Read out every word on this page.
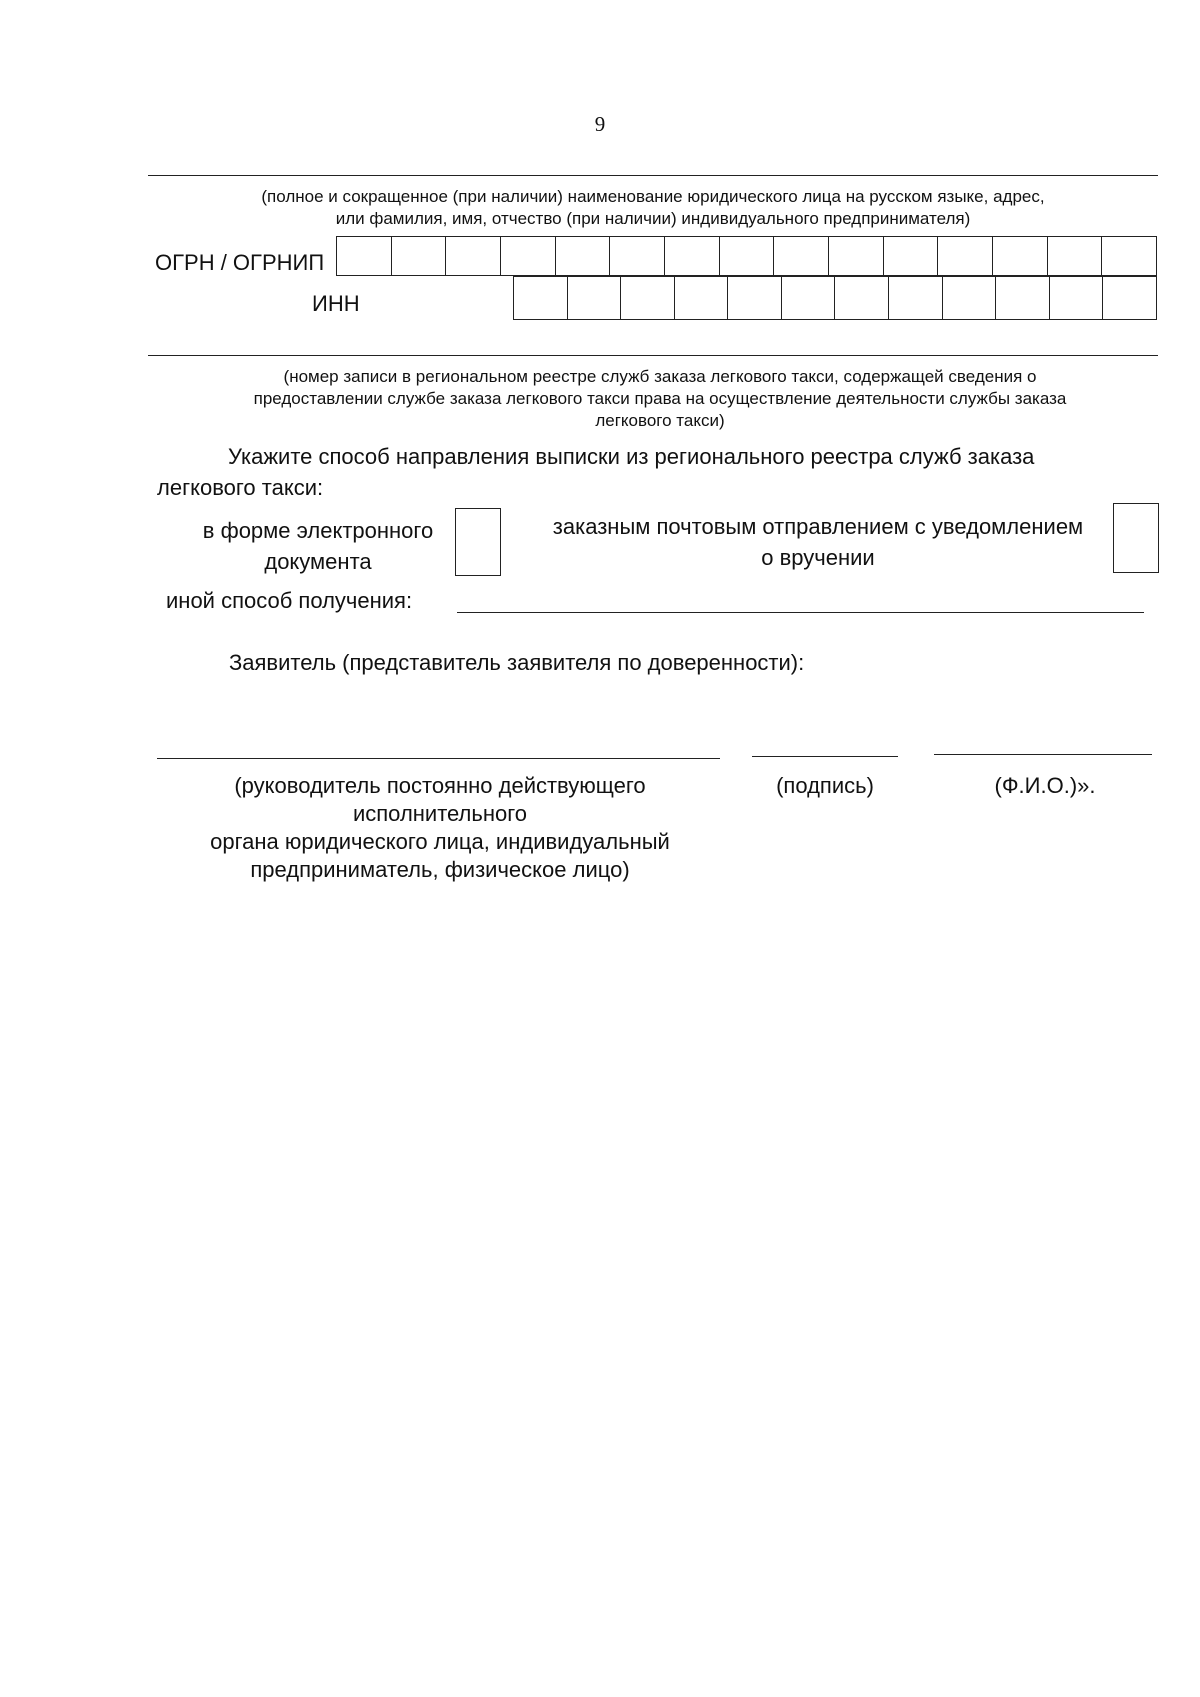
9
(полное и сокращенное (при наличии) наименование юридического лица на русском языке, адрес,
или фамилия, имя, отчество (при наличии) индивидуального предпринимателя)
ОГРН / ОГРНИП
ИНН
(номер записи в региональном реестре служб заказа легкового такси, содержащей сведения о
предоставлении службе заказа легкового такси права на осуществление деятельности службы заказа
легкового такси)
Укажите способ направления выписки из регионального реестра служб заказа
легкового такси:
в форме электронного
документа
заказным почтовым отправлением с уведомлением
о вручении
иной способ получения:
Заявитель (представитель заявителя по доверенности):
(руководитель постоянно действующего
исполнительного
органа юридического лица, индивидуальный
предприниматель, физическое лицо)
(подпись)	(Ф.И.О.)».
